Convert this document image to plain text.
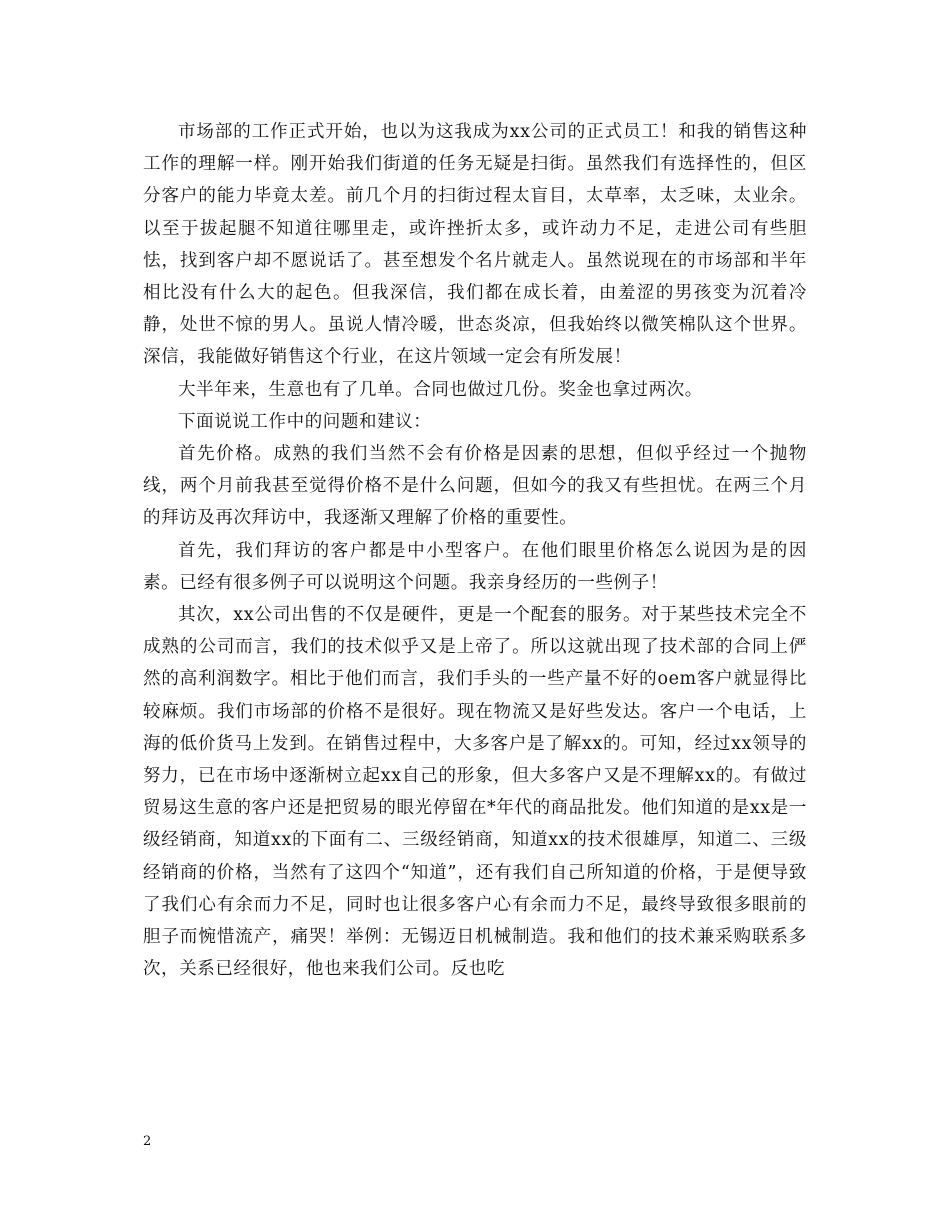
市场部的工作正式开始，也以为这我成为xx公司的正式员工！和我的销售这种工作的理解一样。刚开始我们街道的任务无疑是扫街。虽然我们有选择性的，但区分客户的能力毕竟太差。前几个月的扫街过程太盲目，太草率，太乏味，太业余。以至于拔起腿不知道往哪里走，或许挫折太多，或许动力不足，走进公司有些胆怯，找到客户却不愿说话了。甚至想发个名片就走人。虽然说现在的市场部和半年相比没有什么大的起色。但我深信，我们都在成长着，由羞涩的男孩变为沉着冷静，处世不惊的男人。虽说人情冷暖，世态炎凉，但我始终以微笑棉队这个世界。深信，我能做好销售这个行业，在这片领域一定会有所发展！

大半年来，生意也有了几单。合同也做过几份。奖金也拿过两次。

下面说说工作中的问题和建议：

首先价格。成熟的我们当然不会有价格是因素的思想，但似乎经过一个抛物线，两个月前我甚至觉得价格不是什么问题，但如今的我又有些担忧。在两三个月的拜访及再次拜访中，我逐渐又理解了价格的重要性。

首先，我们拜访的客户都是中小型客户。在他们眼里价格怎么说因为是的因素。已经有很多例子可以说明这个问题。我亲身经历的一些例子！

其次，xx公司出售的不仅是硬件，更是一个配套的服务。对于某些技术完全不成熟的公司而言，我们的技术似乎又是上帝了。所以这就出现了技术部的合同上俨然的高利润数字。相比于他们而言，我们手头的一些产量不好的oem客户就显得比较麻烦。我们市场部的价格不是很好。现在物流又是好些发达。客户一个电话，上海的低价货马上发到。在销售过程中，大多客户是了解xx的。可知，经过xx领导的努力，已在市场中逐渐树立起xx自己的形象，但大多客户又是不理解xx的。有做过贸易这生意的客户还是把贸易的眼光停留在*年代的商品批发。他们知道的是xx是一级经销商，知道xx的下面有二、三级经销商，知道xx的技术很雄厚，知道二、三级经销商的价格，当然有了这四个“知道”，还有我们自己所知道的价格，于是便导致了我们心有余而力不足，同时也让很多客户心有余而力不足，最终导致很多眼前的胆子而惋惜流产，痛哭！举例：无锡迈日机械制造。我和他们的技术兼采购联系多次，关系已经很好，他也来我们公司。反也吃

2
